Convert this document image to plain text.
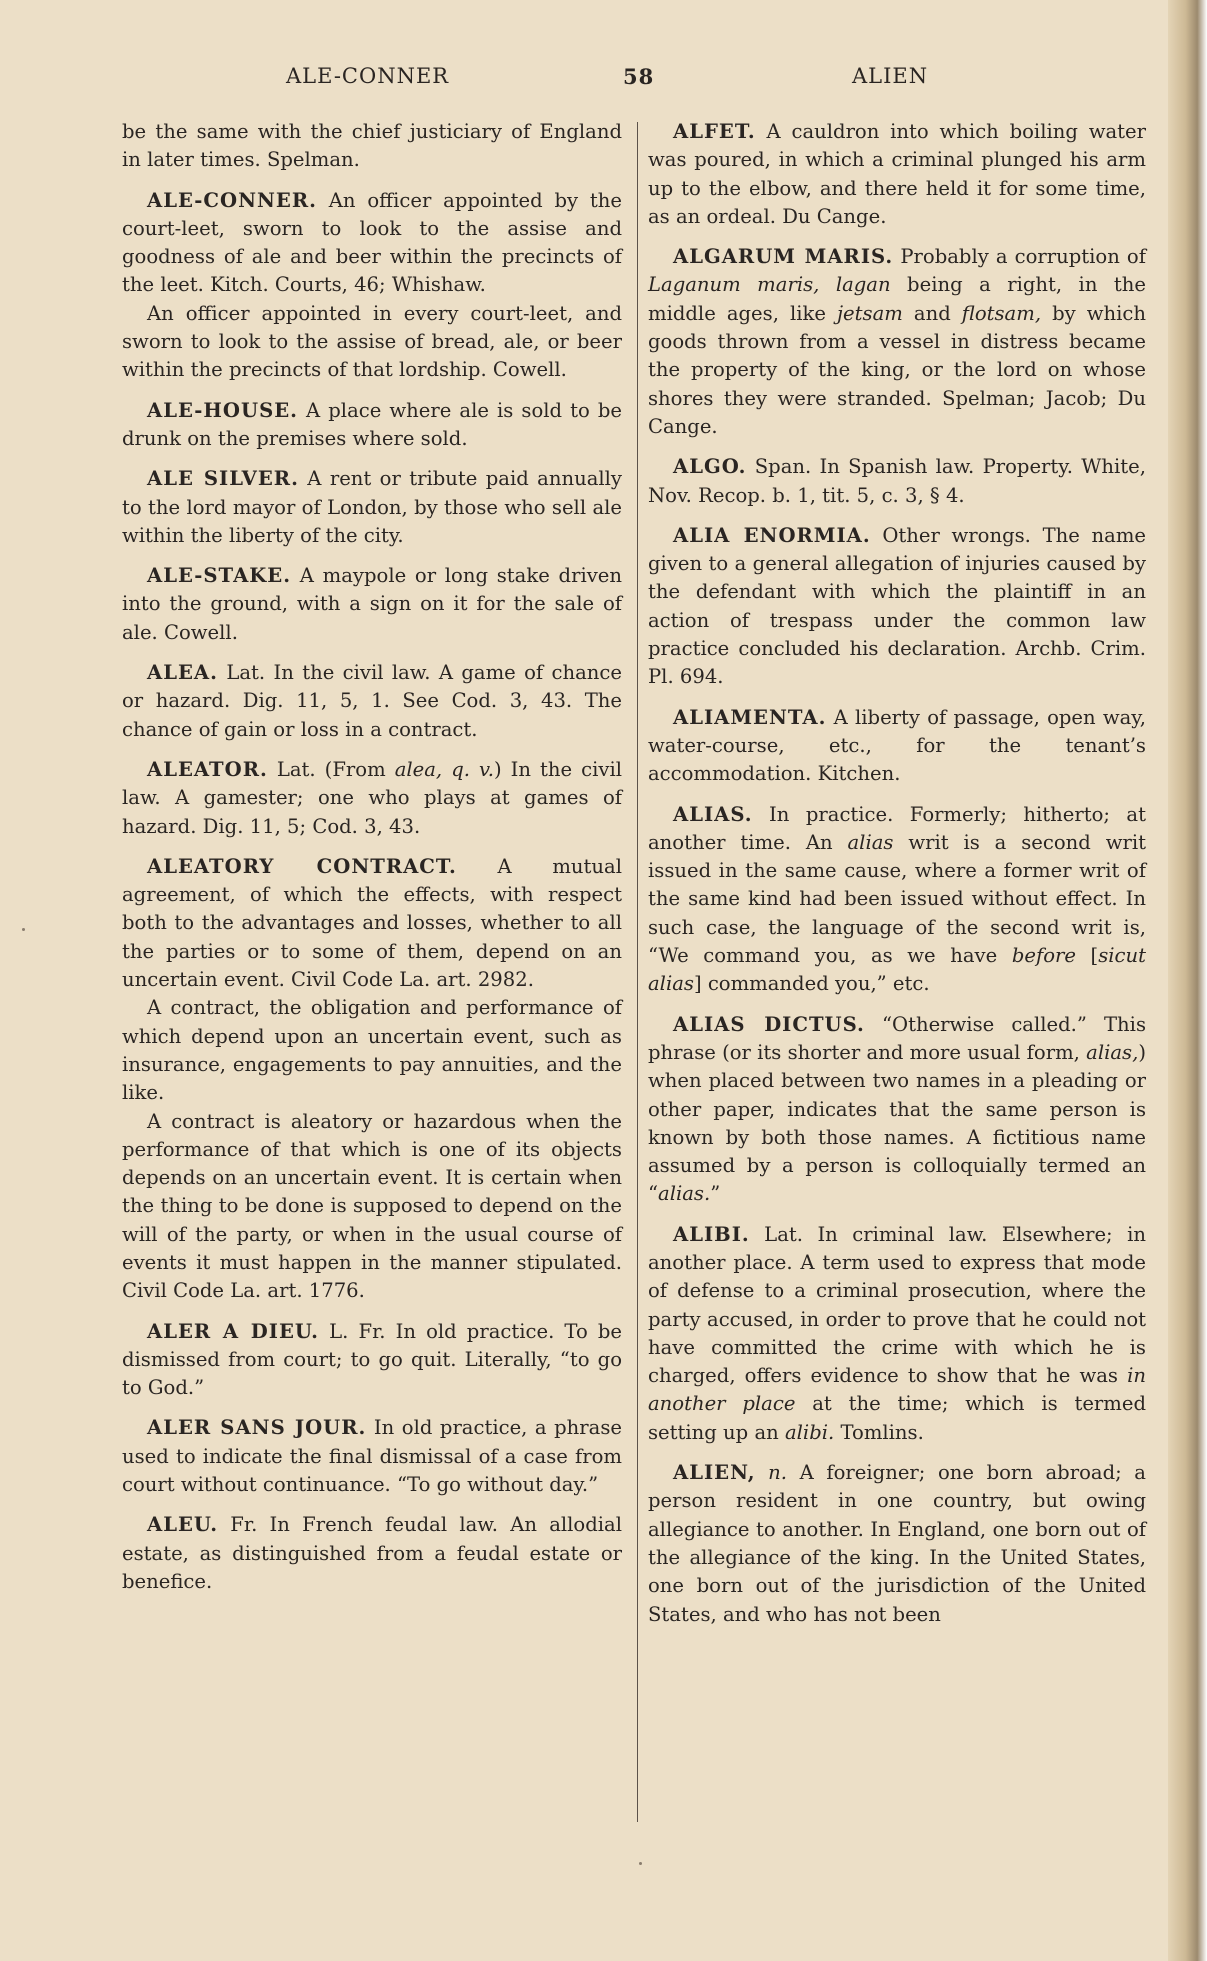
ALE-CONNER	58	ALIEN

be the same with the chief justiciary of England in later times. Spelman.

ALE-CONNER. An officer appointed by the court-leet, sworn to look to the assise and goodness of ale and beer within the precincts of the leet. Kitch. Courts, 46; Whishaw.

An officer appointed in every court-leet, and sworn to look to the assise of bread, ale, or beer within the precincts of that lordship. Cowell.

ALE-HOUSE. A place where ale is sold to be drunk on the premises where sold.

ALE SILVER. A rent or tribute paid annually to the lord mayor of London, by those who sell ale within the liberty of the city.

ALE-STAKE. A maypole or long stake driven into the ground, with a sign on it for the sale of ale. Cowell.

ALEA. Lat. In the civil law. A game of chance or hazard. Dig. 11, 5, 1. See Cod. 3, 43. The chance of gain or loss in a contract.

ALEATOR. Lat. (From alea, q. v.) In the civil law. A gamester; one who plays at games of hazard. Dig. 11, 5; Cod. 3, 43.

ALEATORY CONTRACT. A mutual agreement, of which the effects, with respect both to the advantages and losses, whether to all the parties or to some of them, depend on an uncertain event. Civil Code La. art. 2982.

A contract, the obligation and performance of which depend upon an uncertain event, such as insurance, engagements to pay annuities, and the like.

A contract is aleatory or hazardous when the performance of that which is one of its objects depends on an uncertain event. It is certain when the thing to be done is supposed to depend on the will of the party, or when in the usual course of events it must happen in the manner stipulated. Civil Code La. art. 1776.

ALER A DIEU. L. Fr. In old practice. To be dismissed from court; to go quit. Literally, “to go to God.”

ALER SANS JOUR. In old practice, a phrase used to indicate the final dismissal of a case from court without continuance. “To go without day.”

ALEU. Fr. In French feudal law. An allodial estate, as distinguished from a feudal estate or benefice.

ALFET. A cauldron into which boiling water was poured, in which a criminal plunged his arm up to the elbow, and there held it for some time, as an ordeal. Du Cange.

ALGARUM MARIS. Probably a corruption of Laganum maris, lagan being a right, in the middle ages, like jetsam and flotsam, by which goods thrown from a vessel in distress became the property of the king, or the lord on whose shores they were stranded. Spelman; Jacob; Du Cange.

ALGO. Span. In Spanish law. Property. White, Nov. Recop. b. 1, tit. 5, c. 3, § 4.

ALIA ENORMIA. Other wrongs. The name given to a general allegation of injuries caused by the defendant with which the plaintiff in an action of trespass under the common law practice concluded his declaration. Archb. Crim. Pl. 694.

ALIAMENTA. A liberty of passage, open way, water-course, etc., for the tenant’s accommodation. Kitchen.

ALIAS. In practice. Formerly; hitherto; at another time. An alias writ is a second writ issued in the same cause, where a former writ of the same kind had been issued without effect. In such case, the language of the second writ is, “We command you, as we have before [sicut alias] commanded you,” etc.

ALIAS DICTUS. “Otherwise called.” This phrase (or its shorter and more usual form, alias,) when placed between two names in a pleading or other paper, indicates that the same person is known by both those names. A fictitious name assumed by a person is colloquially termed an “alias.”

ALIBI. Lat. In criminal law. Elsewhere; in another place. A term used to express that mode of defense to a criminal prosecution, where the party accused, in order to prove that he could not have committed the crime with which he is charged, offers evidence to show that he was in another place at the time; which is termed setting up an alibi. Tomlins.

ALIEN, n. A foreigner; one born abroad; a person resident in one country, but owing allegiance to another. In England, one born out of the allegiance of the king. In the United States, one born out of the jurisdiction of the United States, and who has not been
